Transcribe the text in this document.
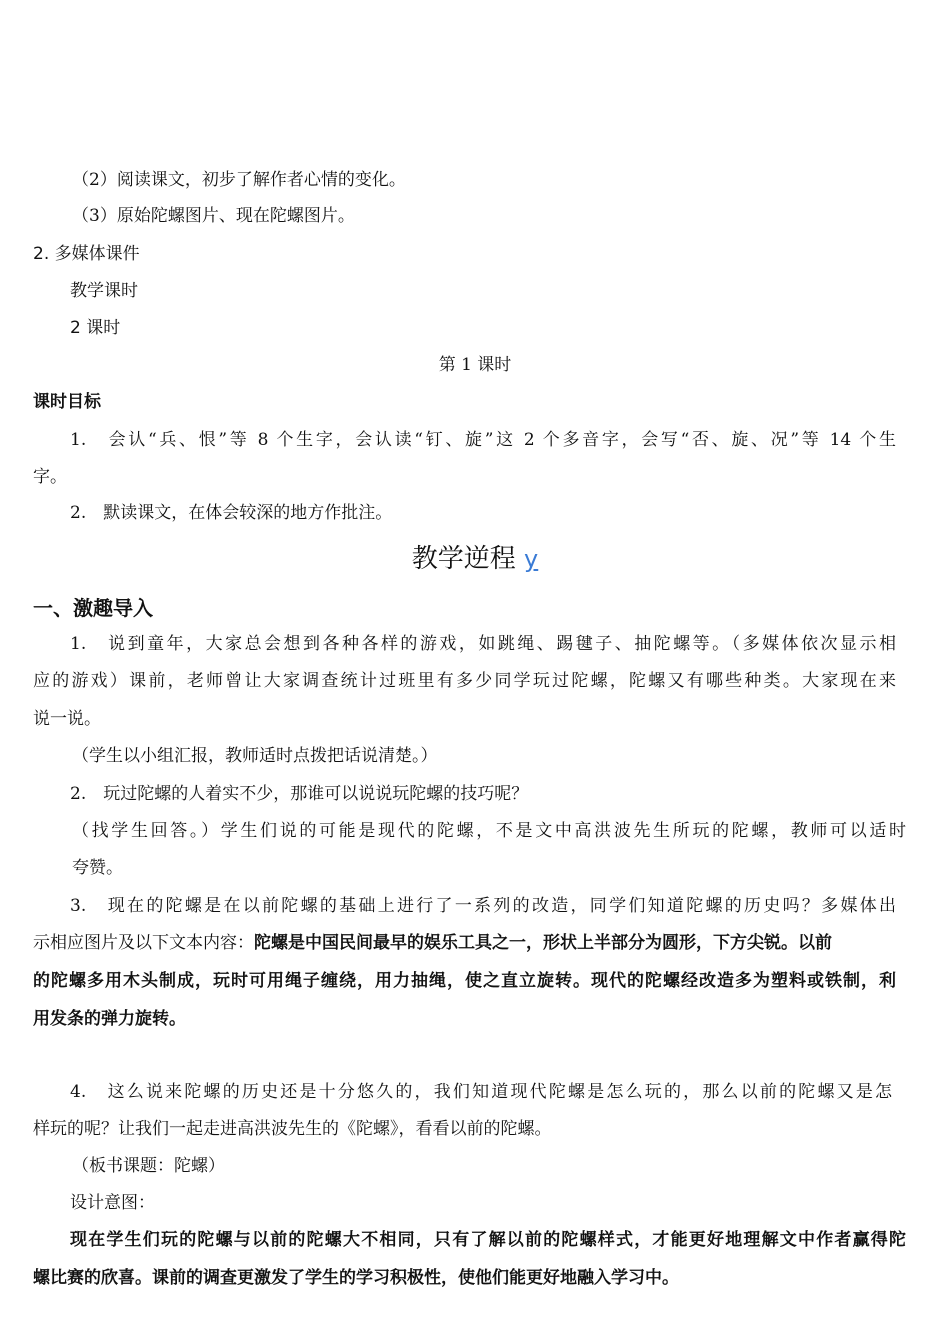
（2）阅读课文，初步了解作者心情的变化。
（3）原始陀螺图片、现在陀螺图片。
2. 多媒体课件
教学课时
2 课时
第 1 课时
课时目标
1.　会认“兵、恨”等 8 个生字，会认读“钉、旋”这 2 个多音字，会写“否、旋、况”等 14 个生
字。
2.　默读课文，在体会较深的地方作批注。
教学逆程 y
一、激趣导入
1.　说到童年，大家总会想到各种各样的游戏，如跳绳、踢毽子、抽陀螺等。（多媒体依次显示相
应的游戏）课前，老师曾让大家调查统计过班里有多少同学玩过陀螺，陀螺又有哪些种类。大家现在来
说一说。
（学生以小组汇报，教师适时点拨把话说清楚。）
2.　玩过陀螺的人着实不少，那谁可以说说玩陀螺的技巧呢？
（找学生回答。）学生们说的可能是现代的陀螺，不是文中高洪波先生所玩的陀螺，教师可以适时
夸赞。
3.　现在的陀螺是在以前陀螺的基础上进行了一系列的改造，同学们知道陀螺的历史吗？多媒体出
示相应图片及以下文本内容：陀螺是中国民间最早的娱乐工具之一，形状上半部分为圆形，下方尖锐。以前
的陀螺多用木头制成，玩时可用绳子缠绕，用力抽绳，使之直立旋转。现代的陀螺经改造多为塑料或铁制，利
用发条的弹力旋转。
4.　这么说来陀螺的历史还是十分悠久的，我们知道现代陀螺是怎么玩的，那么以前的陀螺又是怎
样玩的呢？让我们一起走进高洪波先生的《陀螺》，看看以前的陀螺。
（板书课题：陀螺）
设计意图：
现在学生们玩的陀螺与以前的陀螺大不相同，只有了解以前的陀螺样式，才能更好地理解文中作者赢得陀
螺比赛的欣喜。课前的调查更激发了学生的学习积极性，使他们能更好地融入学习中。
